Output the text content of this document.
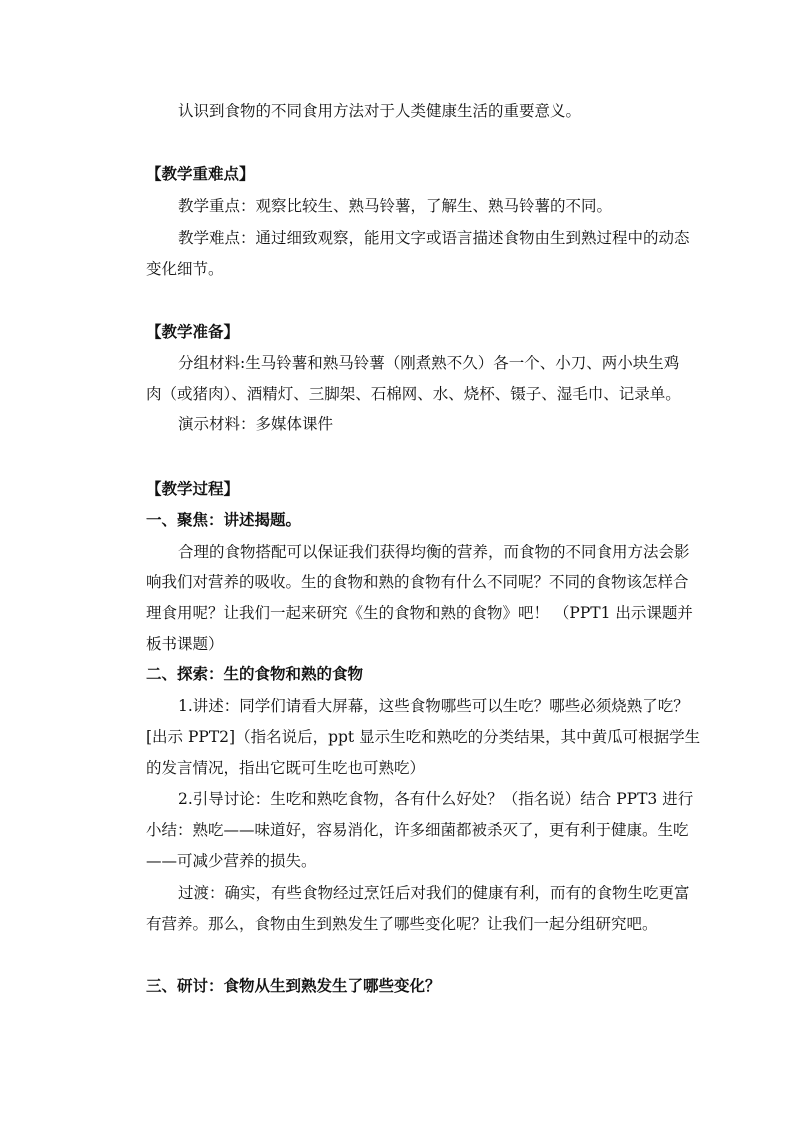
认识到食物的不同食用方法对于人类健康生活的重要意义。
【教学重难点】
教学重点：观察比较生、熟马铃薯，了解生、熟马铃薯的不同。
教学难点：通过细致观察，能用文字或语言描述食物由生到熟过程中的动态
变化细节。
【教学准备】
分组材料:生马铃薯和熟马铃薯（刚煮熟不久）各一个、小刀、两小块生鸡
肉（或猪肉）、酒精灯、三脚架、石棉网、水、烧杯、镊子、湿毛巾、记录单。
演示材料：多媒体课件
【教学过程】
一、聚焦：讲述揭题。
合理的食物搭配可以保证我们获得均衡的营养，而食物的不同食用方法会影
响我们对营养的吸收。生的食物和熟的食物有什么不同呢？不同的食物该怎样合
理食用呢？让我们一起来研究《生的食物和熟的食物》吧！ （PPT1 出示课题并
板书课题）
二、探索：生的食物和熟的食物
1.讲述：同学们请看大屏幕，这些食物哪些可以生吃？哪些必须烧熟了吃？
[出示 PPT2]（指名说后，ppt 显示生吃和熟吃的分类结果，其中黄瓜可根据学生
的发言情况，指出它既可生吃也可熟吃）
2.引导讨论：生吃和熟吃食物，各有什么好处？（指名说）结合 PPT3 进行
小结：熟吃——味道好，容易消化，许多细菌都被杀灭了，更有利于健康。生吃
——可减少营养的损失。
过渡：确实，有些食物经过烹饪后对我们的健康有利，而有的食物生吃更富
有营养。那么，食物由生到熟发生了哪些变化呢？让我们一起分组研究吧。
三、研讨：食物从生到熟发生了哪些变化？
